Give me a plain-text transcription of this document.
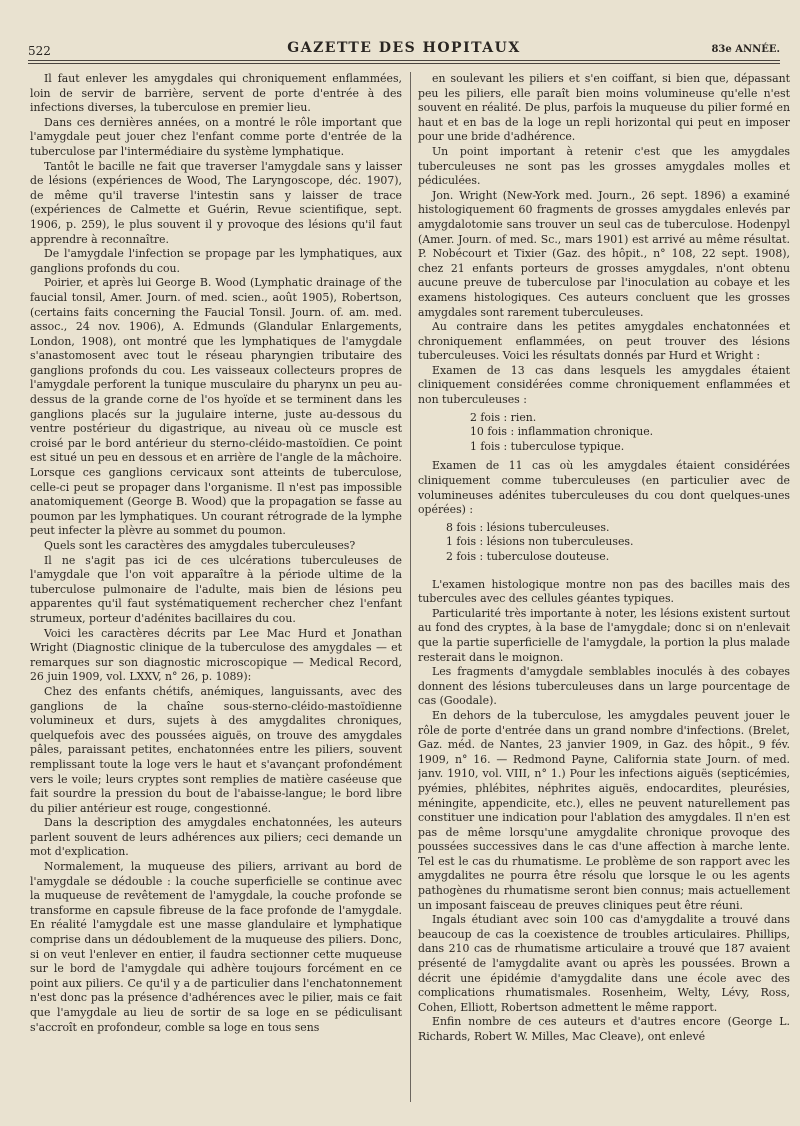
522	GAZETTE DES HOPITAUX	83e ANNÉE.

Il faut enlever les amygdales qui chroniquement enflammées, loin de servir de barrière, servent de porte d'entrée à des infections diverses, la tuberculose en premier lieu.

Dans ces dernières années, on a montré le rôle important que l'amygdale peut jouer chez l'enfant comme porte d'entrée de la tuberculose par l'intermédiaire du système lymphatique.

Tantôt le bacille ne fait que traverser l'amygdale sans y laisser de lésions (expériences de Wood, The Laryngoscope, déc. 1907), de même qu'il traverse l'intestin sans y laisser de trace (expériences de Calmette et Guérin, Revue scientifique, sept. 1906, p. 259), le plus souvent il y provoque des lésions qu'il faut apprendre à reconnaître.

De l'amygdale l'infection se propage par les lymphatiques, aux ganglions profonds du cou.

Poirier, et après lui George B. Wood (Lymphatic drainage of the faucial tonsil, Amer. Journ. of med. scien., août 1905), Robertson, (certains faits concerning the Faucial Tonsil. Journ. of. am. med. assoc., 24 nov. 1906), A. Edmunds (Glandular Enlargements, London, 1908), ont montré que les lymphatiques de l'amygdale s'anastomosent avec tout le réseau pharyngien tributaire des ganglions profonds du cou. Les vaisseaux collecteurs propres de l'amygdale perforent la tunique musculaire du pharynx un peu au-dessus de la grande corne de l'os hyoïde et se terminent dans les ganglions placés sur la jugulaire interne, juste au-dessous du ventre postérieur du digastrique, au niveau où ce muscle est croisé par le bord antérieur du sterno-cléido-mastoïdien. Ce point est situé un peu en dessous et en arrière de l'angle de la mâchoire. Lorsque ces ganglions cervicaux sont atteints de tuberculose, celle-ci peut se propager dans l'organisme. Il n'est pas impossible anatomiquement (George B. Wood) que la propagation se fasse au poumon par les lymphatiques. Un courant rétrograde de la lymphe peut infecter la plèvre au sommet du poumon.

Quels sont les caractères des amygdales tuberculeuses?

Il ne s'agit pas ici de ces ulcérations tuberculeuses de l'amygdale que l'on voit apparaître à la période ultime de la tuberculose pulmonaire de l'adulte, mais bien de lésions peu apparentes qu'il faut systématiquement rechercher chez l'enfant strumeux, porteur d'adénites bacillaires du cou.

Voici les caractères décrits par Lee Mac Hurd et Jonathan Wright (Diagnostic clinique de la tuberculose des amygdales — et remarques sur son diagnostic microscopique — Medical Record, 26 juin 1909, vol. LXXV, n° 26, p. 1089):

Chez des enfants chétifs, anémiques, languissants, avec des ganglions de la chaîne sous-sterno-cléido-mastoïdienne volumineux et durs, sujets à des amygdalites chroniques, quelquefois avec des poussées aiguës, on trouve des amygdales pâles, paraissant petites, enchatonnées entre les piliers, souvent remplissant toute la loge vers le haut et s'avançant profondément vers le voile; leurs cryptes sont remplies de matière caséeuse que fait sourdre la pression du bout de l'abaisse-langue; le bord libre du pilier antérieur est rouge, congestionné.

Dans la description des amygdales enchatonnées, les auteurs parlent souvent de leurs adhérences aux piliers; ceci demande un mot d'explication.

Normalement, la muqueuse des piliers, arrivant au bord de l'amygdale se dédouble : la couche superficielle se continue avec la muqueuse de revêtement de l'amygdale, la couche profonde se transforme en capsule fibreuse de la face profonde de l'amygdale. En réalité l'amygdale est une masse glandulaire et lymphatique comprise dans un dédoublement de la muqueuse des piliers. Donc, si on veut l'enlever en entier, il faudra sectionner cette muqueuse sur le bord de l'amygdale qui adhère toujours forcément en ce point aux piliers. Ce qu'il y a de particulier dans l'enchatonnement n'est donc pas la présence d'adhérences avec le pilier, mais ce fait que l'amygdale au lieu de sortir de sa loge en se pédiculisant s'accroît en profondeur, comble sa loge en tous sens

en soulevant les piliers et s'en coiffant, si bien que, dépassant peu les piliers, elle paraît bien moins volumineuse qu'elle n'est souvent en réalité. De plus, parfois la muqueuse du pilier formé en haut et en bas de la loge un repli horizontal qui peut en imposer pour une bride d'adhérence.

Un point important à retenir c'est que les amygdales tuberculeuses ne sont pas les grosses amygdales molles et pédiculées.

Jon. Wright (New-York med. Journ., 26 sept. 1896) a examiné histologiquement 60 fragments de grosses amygdales enlevés par amygdalotomie sans trouver un seul cas de tuberculose. Hodenpyl (Amer. Journ. of med. Sc., mars 1901) est arrivé au même résultat. P. Nobécourt et Tixier (Gaz. des hôpit., n° 108, 22 sept. 1908), chez 21 enfants porteurs de grosses amygdales, n'ont obtenu aucune preuve de tuberculose par l'inoculation au cobaye et les examens histologiques. Ces auteurs concluent que les grosses amygdales sont rarement tuberculeuses.

Au contraire dans les petites amygdales enchatonnées et chroniquement enflammées, on peut trouver des lésions tuberculeuses. Voici les résultats donnés par Hurd et Wright :

Examen de 13 cas dans lesquels les amygdales étaient cliniquement considérées comme chroniquement enflammées et non tuberculeuses :

2 fois : rien.
10 fois : inflammation chronique.
1 fois : tuberculose typique.

Examen de 11 cas où les amygdales étaient considérées cliniquement comme tuberculeuses (en particulier avec de volumineuses adénites tuberculeuses du cou dont quelques-unes opérées) :

8 fois : lésions tuberculeuses.
1 fois : lésions non tuberculeuses.
2 fois : tuberculose douteuse.

L'examen histologique montre non pas des bacilles mais des tubercules avec des cellules géantes typiques.

Particularité très importante à noter, les lésions existent surtout au fond des cryptes, à la base de l'amygdale; donc si on n'enlevait que la partie superficielle de l'amygdale, la portion la plus malade resterait dans le moignon.

Les fragments d'amygdale semblables inoculés à des cobayes donnent des lésions tuberculeuses dans un large pourcentage de cas (Goodale).

En dehors de la tuberculose, les amygdales peuvent jouer le rôle de porte d'entrée dans un grand nombre d'infections. (Brelet, Gaz. méd. de Nantes, 23 janvier 1909, in Gaz. des hôpit., 9 fév. 1909, n° 16. — Redmond Payne, California state Journ. of med. janv. 1910, vol. VIII, n° 1.) Pour les infections aiguës (septicémies, pyémies, phlébites, néphrites aiguës, endocardites, pleurésies, méningite, appendicite, etc.), elles ne peuvent naturellement pas constituer une indication pour l'ablation des amygdales. Il n'en est pas de même lorsqu'une amygdalite chronique provoque des poussées successives dans le cas d'une affection à marche lente. Tel est le cas du rhumatisme. Le problème de son rapport avec les amygdalites ne pourra être résolu que lorsque le ou les agents pathogènes du rhumatisme seront bien connus; mais actuellement un imposant faisceau de preuves cliniques peut être réuni.

Ingals étudiant avec soin 100 cas d'amygdalite a trouvé dans beaucoup de cas la coexistence de troubles articulaires. Phillips, dans 210 cas de rhumatisme articulaire a trouvé que 187 avaient présenté de l'amygdalite avant ou après les poussées. Brown a décrit une épidémie d'amygdalite dans une école avec des complications rhumatismales. Rosenheim, Welty, Lévy, Ross, Cohen, Elliott, Robertson admettent le même rapport.

Enfin nombre de ces auteurs et d'autres encore (George L. Richards, Robert W. Milles, Mac Cleave), ont enlevé
